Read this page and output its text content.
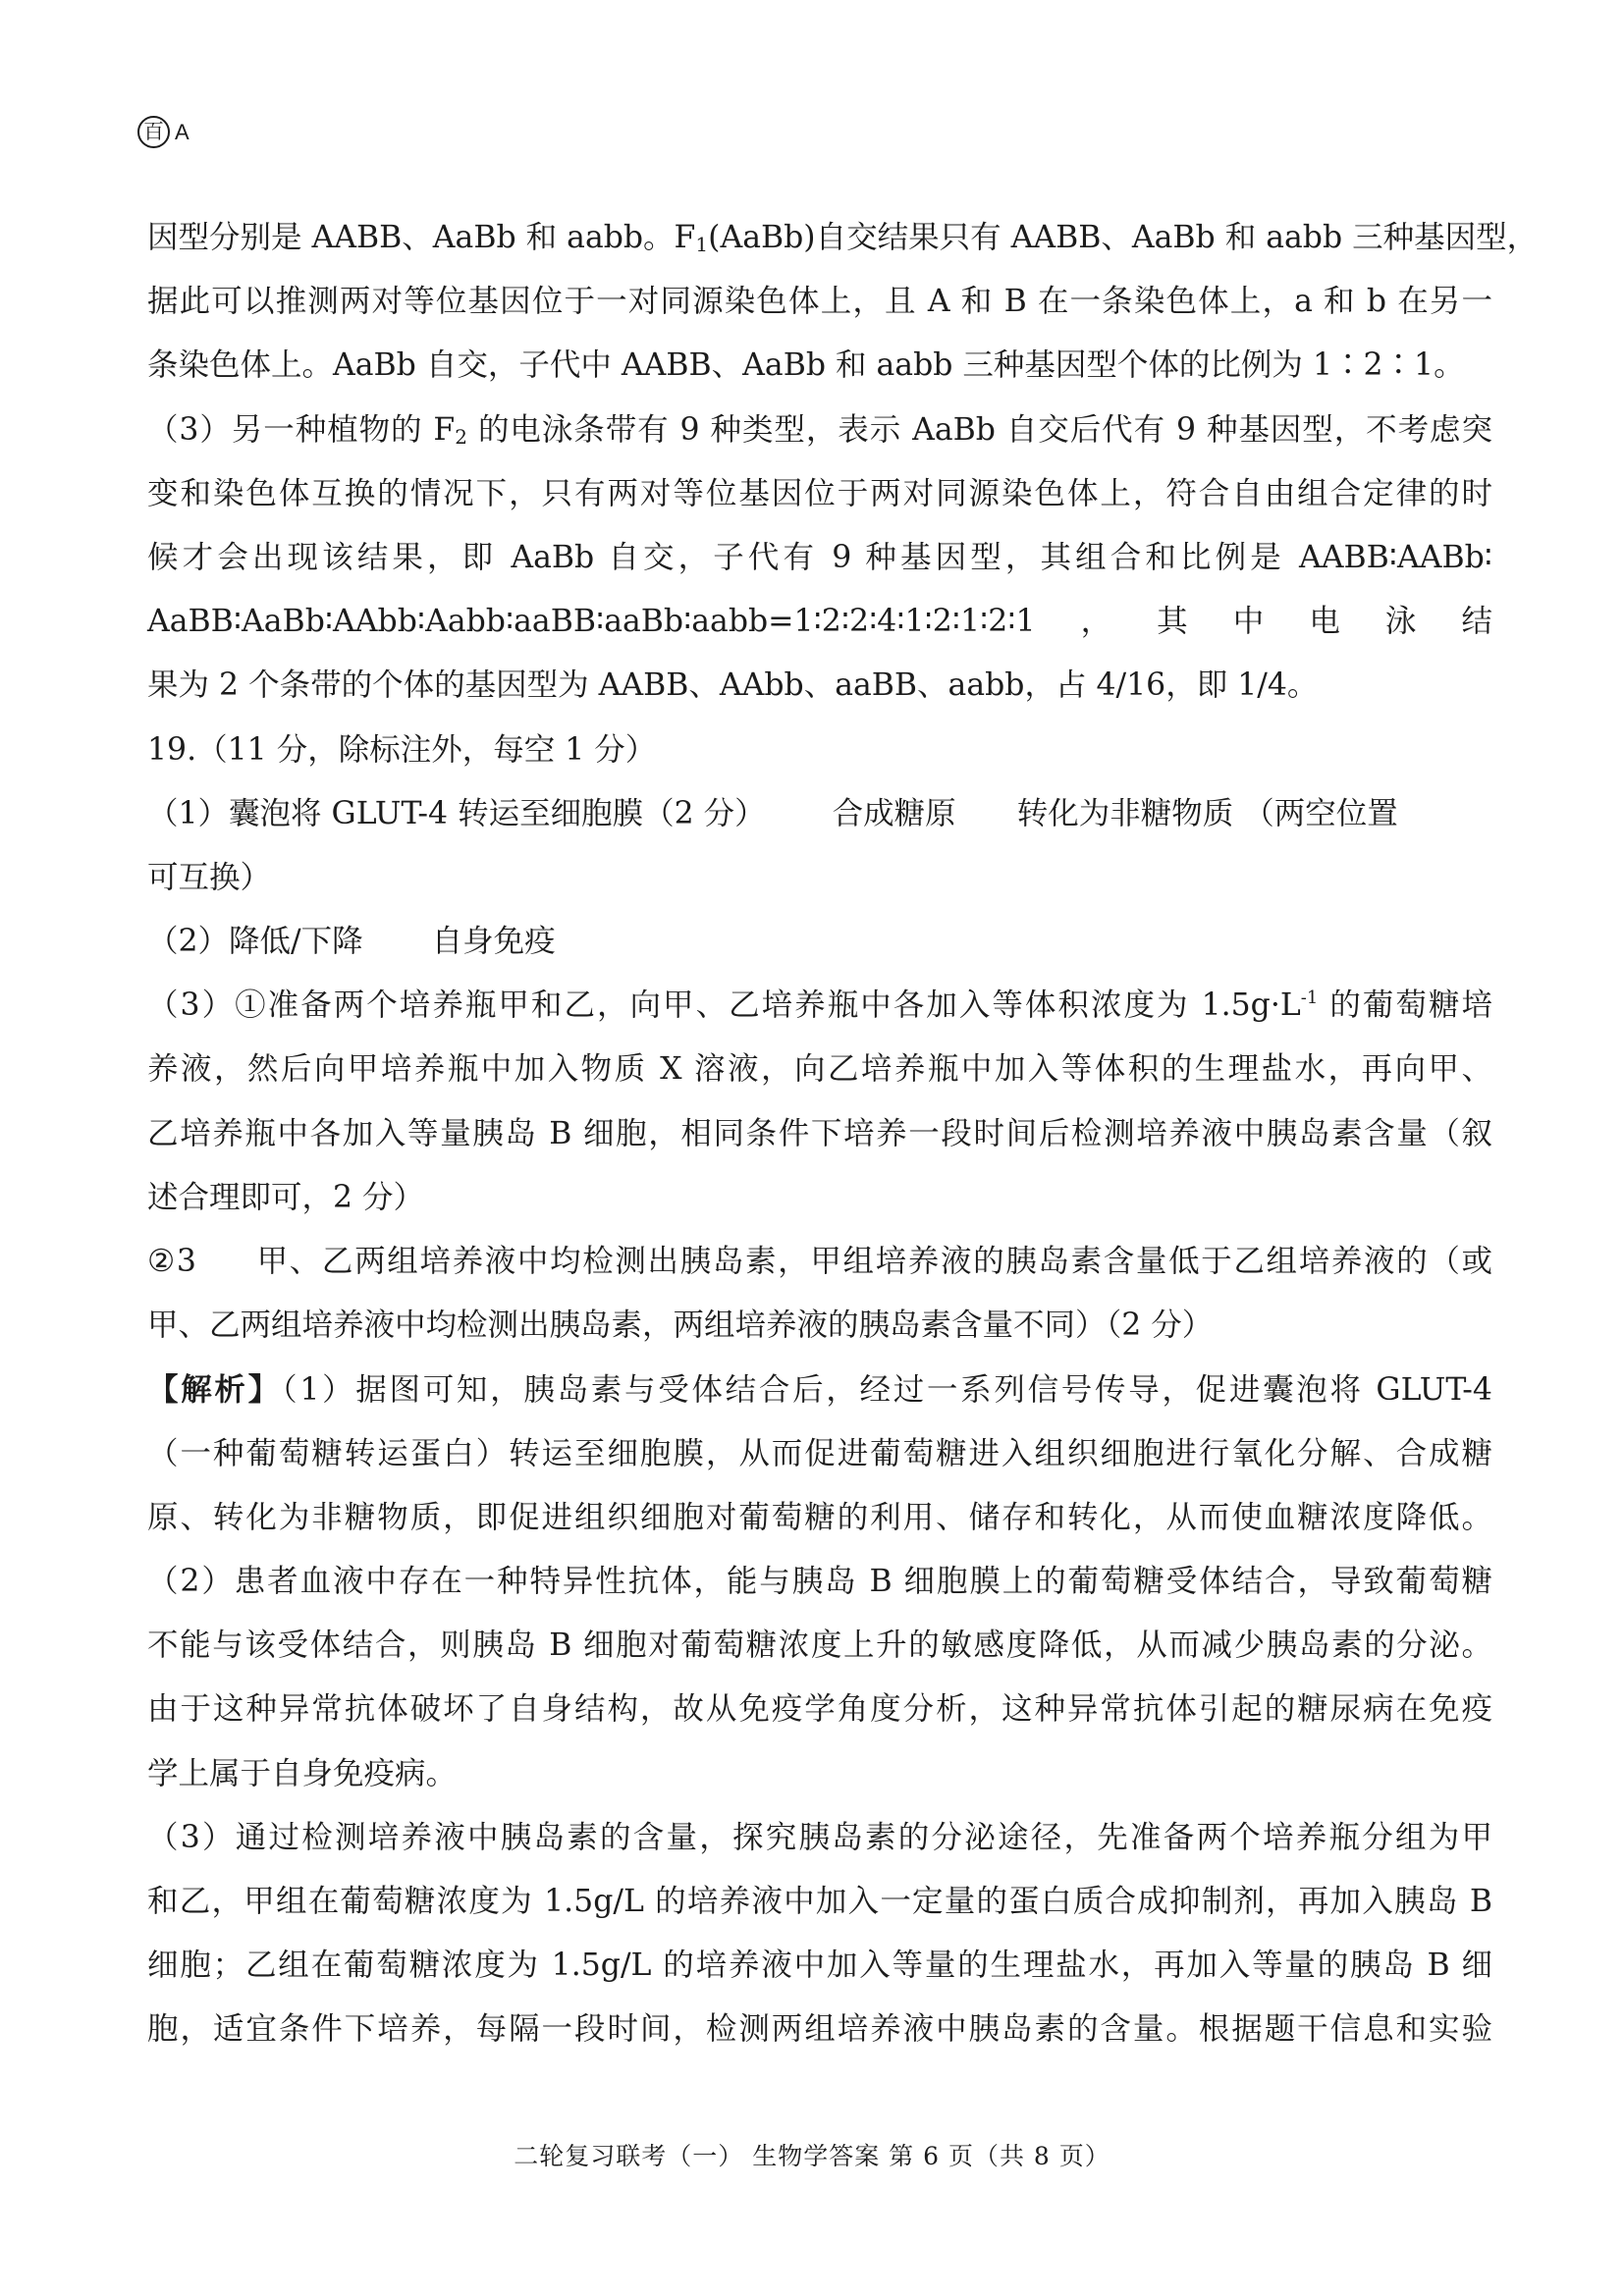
百 A
因型分别是 AABB、AaBb 和 aabb。$F_1(AaBb)$自交结果只有 AABB、AaBb 和 aabb 三种基因型，
据此可以推测两对等位基因位于一对同源染色体上，且 A 和 B 在一条染色体上，a 和 b 在另一
条染色体上。AaBb 自交，子代中 AABB、AaBb 和 aabb 三种基因型个体的比例为 1∶2∶1。
（3）另一种植物的 $F_2$ 的电泳条带有 9 种类型，表示 AaBb 自交后代有 9 种基因型，不考虑突
变和染色体互换的情况下，只有两对等位基因位于两对同源染色体上，符合自由组合定律的时
候才会出现该结果，即 AaBb 自交，子代有 9 种基因型，其组合和比例是 AABB∶AABb∶
AaBB∶AaBb∶AAbb∶Aabb∶aaBB∶aaBb∶aabb=1∶2∶2∶4∶1∶2∶1∶2∶1，其中电泳结
果为 2 个条带的个体的基因型为 AABB、AAbb、aaBB、aabb，占 4/16，即 1/4。
19.（11 分，除标注外，每空 1 分）
（1）囊泡将 GLUT-4 转运至细胞膜（2 分） 合成糖原 转化为非糖物质 （两空位置
可互换）
（2）降低/下降 自身免疫
（3）①准备两个培养瓶甲和乙，向甲、乙培养瓶中各加入等体积浓度为 $1.5g\cdot L^{-1}$ 的葡萄糖培
养液，然后向甲培养瓶中加入物质 X 溶液，向乙培养瓶中加入等体积的生理盐水，再向甲、
乙培养瓶中各加入等量胰岛 B 细胞，相同条件下培养一段时间后检测培养液中胰岛素含量（叙
述合理即可，2 分）
②3 甲、乙两组培养液中均检测出胰岛素，甲组培养液的胰岛素含量低于乙组培养液的（或
甲、乙两组培养液中均检测出胰岛素，两组培养液的胰岛素含量不同）（2 分）
【解析】（1）据图可知，胰岛素与受体结合后，经过一系列信号传导，促进囊泡将 GLUT-4
（一种葡萄糖转运蛋白）转运至细胞膜，从而促进葡萄糖进入组织细胞进行氧化分解、合成糖
原、转化为非糖物质，即促进组织细胞对葡萄糖的利用、储存和转化，从而使血糖浓度降低。
（2）患者血液中存在一种特异性抗体，能与胰岛 B 细胞膜上的葡萄糖受体结合，导致葡萄糖
不能与该受体结合，则胰岛 B 细胞对葡萄糖浓度上升的敏感度降低，从而减少胰岛素的分泌。
由于这种异常抗体破坏了自身结构，故从免疫学角度分析，这种异常抗体引起的糖尿病在免疫
学上属于自身免疫病。
（3）通过检测培养液中胰岛素的含量，探究胰岛素的分泌途径，先准备两个培养瓶分组为甲
和乙，甲组在葡萄糖浓度为 1.5g/L 的培养液中加入一定量的蛋白质合成抑制剂，再加入胰岛 B
细胞；乙组在葡萄糖浓度为 1.5g/L 的培养液中加入等量的生理盐水，再加入等量的胰岛 B 细
胞，适宜条件下培养，每隔一段时间，检测两组培养液中胰岛素的含量。根据题干信息和实验
二轮复习联考（一） 生物学答案 第 6 页（共 8 页）
